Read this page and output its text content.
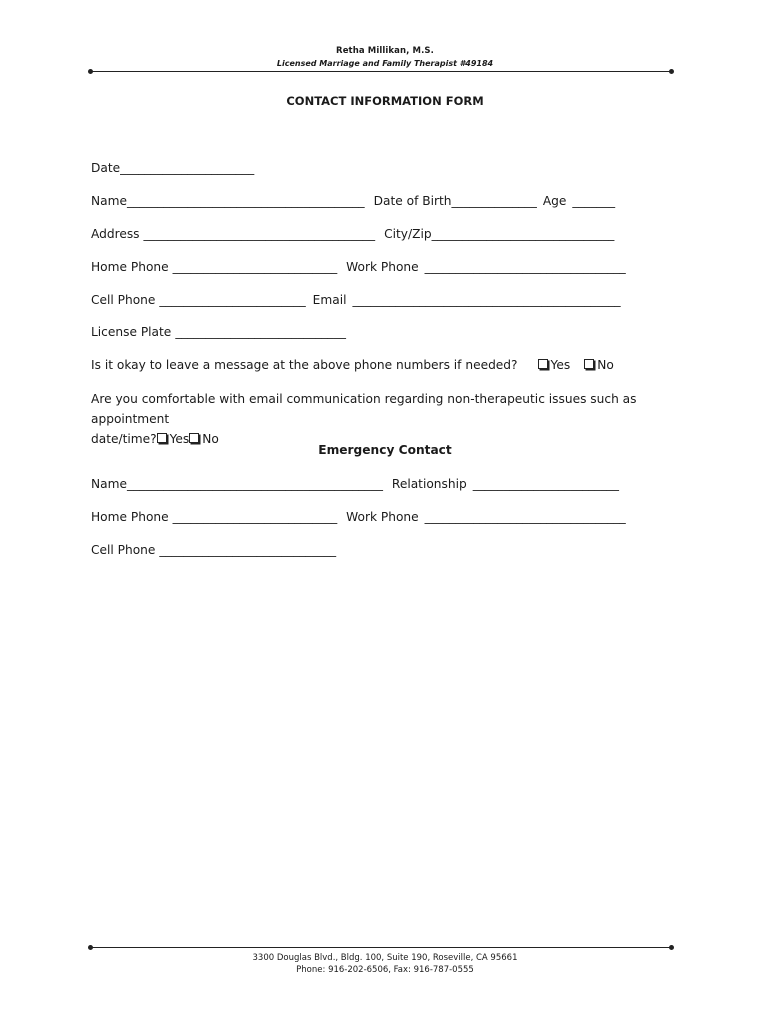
Retha Millikan, M.S.
Licensed Marriage and Family Therapist #49184
CONTACT INFORMATION FORM
Date______________________
Name_______________________________________ Date of Birth______________ Age _______
Address ______________________________________ City/Zip______________________________
Home Phone ___________________________ Work Phone _________________________________
Cell Phone ________________________ Email ____________________________________________
License Plate ____________________________
Is it okay to leave a message at the above phone numbers if needed?	Yes No
Are you comfortable with email communication regarding non-therapeutic issues such as appointment
date/time? Yes No
Emergency Contact
Name__________________________________________ Relationship ________________________
Home Phone ___________________________ Work Phone _________________________________
Cell Phone _____________________________
3300 Douglas Blvd., Bldg. 100, Suite 190, Roseville, CA 95661
Phone: 916-202-6506, Fax: 916-787-0555
